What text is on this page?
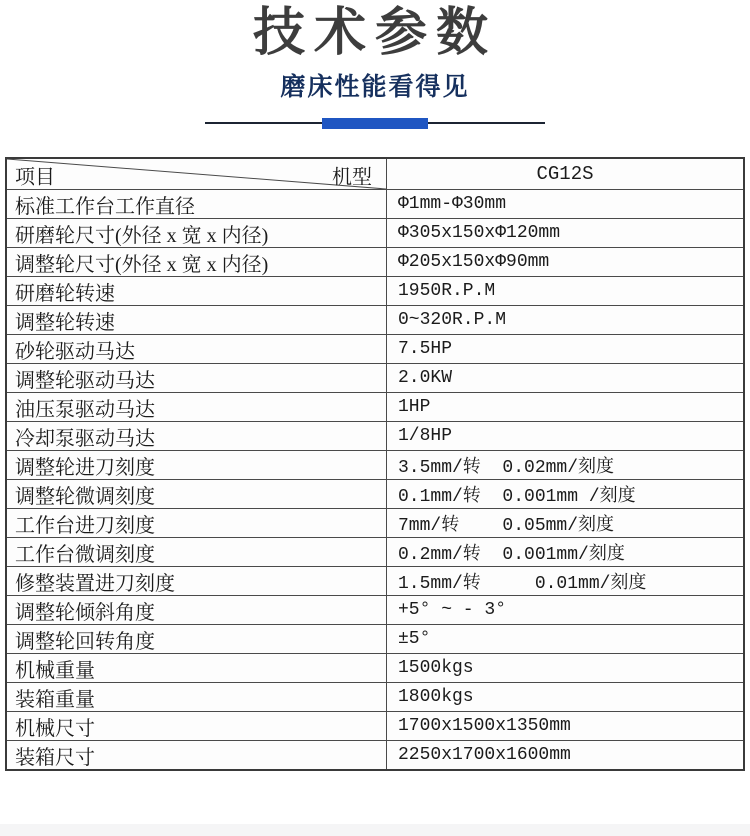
技术参数
磨床性能看得见
项目	机型	CG12S
标准工作台工作直径	Φ1mm-Φ30mm
研磨轮尺寸(外径 x 宽 x 内径)	Φ305x150xΦ120mm
调整轮尺寸(外径 x 宽 x 内径)	Φ205x150xΦ90mm
研磨轮转速	1950R.P.M
调整轮转速	0~320R.P.M
砂轮驱动马达	7.5HP
调整轮驱动马达	2.0KW
油压泵驱动马达	1HP
冷却泵驱动马达	1/8HP
调整轮进刀刻度	3.5mm/转  0.02mm/刻度
调整轮微调刻度	0.1mm/转  0.001mm /刻度
工作台进刀刻度	7mm/转    0.05mm/刻度
工作台微调刻度	0.2mm/转  0.001mm/刻度
修整装置进刀刻度	1.5mm/转     0.01mm/刻度
调整轮倾斜角度	+5° ~ - 3°
调整轮回转角度	±5°
机械重量	1500kgs
装箱重量	1800kgs
机械尺寸	1700x1500x1350mm
装箱尺寸	2250x1700x1600mm
